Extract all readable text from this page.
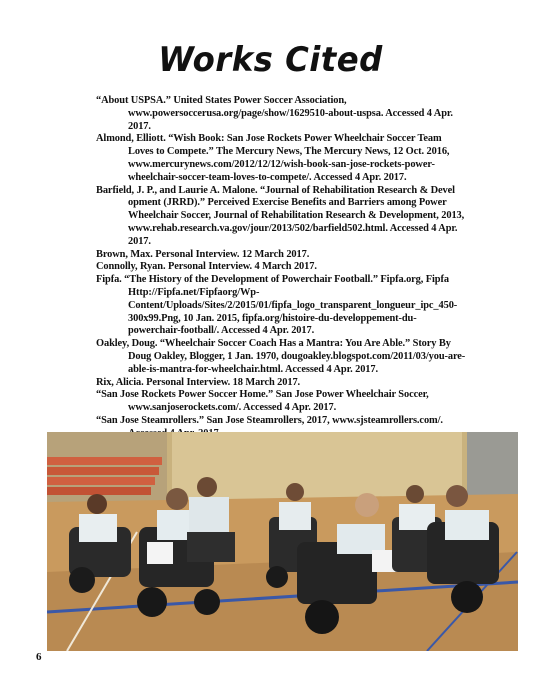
Works Cited
“About USPSA.” United States Power Soccer Association, www.powersoccerusa.org/page/show/1629510-about-uspsa. Accessed 4 Apr. 2017.
Almond, Elliott. “Wish Book: San Jose Rockets Power Wheelchair Soccer Team Loves to Compete.” The Mercury News, The Mercury News, 12 Oct. 2016, www.mercurynews.com/2012/12/12/wish-book-san-jose-rockets-power-wheelchair-soccer-team-loves-to-compete/. Accessed 4 Apr. 2017.
Barfield, J. P., and Laurie A. Malone. “Journal of Rehabilitation Research & Devel opment (JRRD).” Perceived Exercise Benefits and Barriers among Power Wheelchair Soccer, Journal of Rehabilitation Research & Development, 2013, www.rehab.research.va.gov/jour/2013/502/barfield502.html. Accessed 4 Apr. 2017.
Brown, Max. Personal Interview. 12 March 2017.
Connolly, Ryan. Personal Interview. 4 March 2017.
Fipfa. “The History of the Development of Powerchair Football.” Fipfa.org, Fipfa Http://Fipfa.net/Fipfaorg/Wp-Content/Uploads/Sites/2/2015/01/fipfa_logo_transparent_longueur_ipc_450-300x99.Png, 10 Jan. 2015, fipfa.org/histoire-du-developpement-du-powerchair-football/. Accessed 4 Apr. 2017.
Oakley, Doug. “Wheelchair Soccer Coach Has a Mantra: You Are Able.” Story By Doug Oakley, Blogger, 1 Jan. 1970, dougoakley.blogspot.com/2011/03/you-are-able-is-mantra-for-wheelchair.html. Accessed 4 Apr. 2017.
Rix, Alicia. Personal Interview. 18 March 2017.
“San Jose Rockets Power Soccer Home.” San Jose Power Wheelchair Soccer, www.sanjoserockets.com/. Accessed 4 Apr. 2017.
“San Jose Steamrollers.” San Jose Steamrollers, 2017, www.sjsteamrollers.com/.
6
